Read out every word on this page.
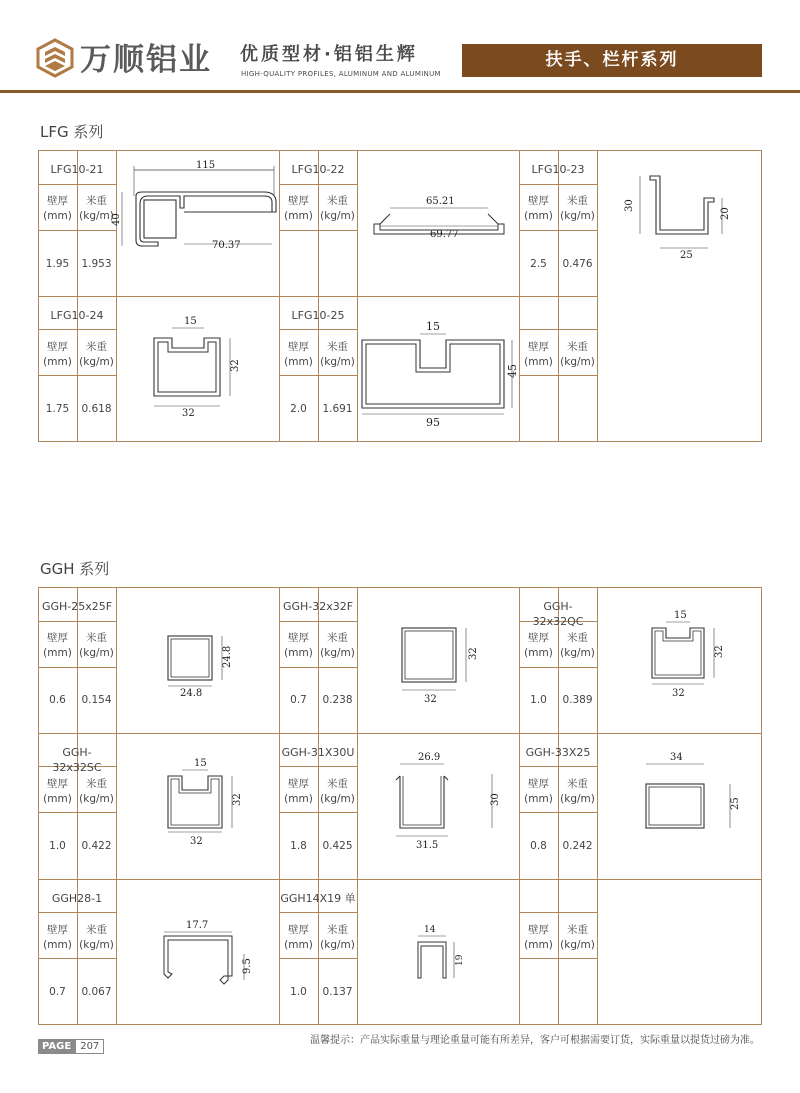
万顺铝业 优质型材·铝铝生辉
HIGH-QUALITY PROFILES, ALUMINUM AND ALUMINUM
扶手、栏杆系列
LFG 系列
LFG10-21
壁厚
(mm)
米重
(kg/m)
1.95	1.953
115
40
70.37
LFG10-22
壁厚
(mm)
米重
(kg/m)
65.21
69.77
LFG10-23
壁厚
(mm)
米重
(kg/m)
2.5	0.476
30
20
25
LFG10-24
壁厚
(mm)
米重
(kg/m)
1.75	0.618
15
32
32
LFG10-25
壁厚
(mm)
米重
(kg/m)
2.0	1.691
15
45
95
壁厚
(mm)
米重
(kg/m)
GGH 系列
GGH-25x25F
壁厚
(mm)
米重
(kg/m)
0.6	0.154
24.8
24.8
GGH-32x32F
壁厚
(mm)
米重
(kg/m)
0.7	0.238
32
32
GGH-32x32QC
壁厚
(mm)
米重
(kg/m)
1.0	0.389
15
32
32
GGH-32x32SC
壁厚
(mm)
米重
(kg/m)
1.0	0.422
15
32
32
GGH-31X30U
壁厚
(mm)
米重
(kg/m)
1.8	0.425
26.9
30
31.5
GGH-33X25
壁厚
(mm)
米重
(kg/m)
0.8	0.242
34
25
GGH28-1
壁厚
(mm)
米重
(kg/m)
0.7	0.067
17.7
9.5
GGH14X19 单
壁厚
(mm)
米重
(kg/m)
1.0	0.137
14
19
壁厚
(mm)
米重
(kg/m)
温馨提示：产品实际重量与理论重量可能有所差异，客户可根据需要订货，实际重量以提货过磅为准。
PAGE 207
